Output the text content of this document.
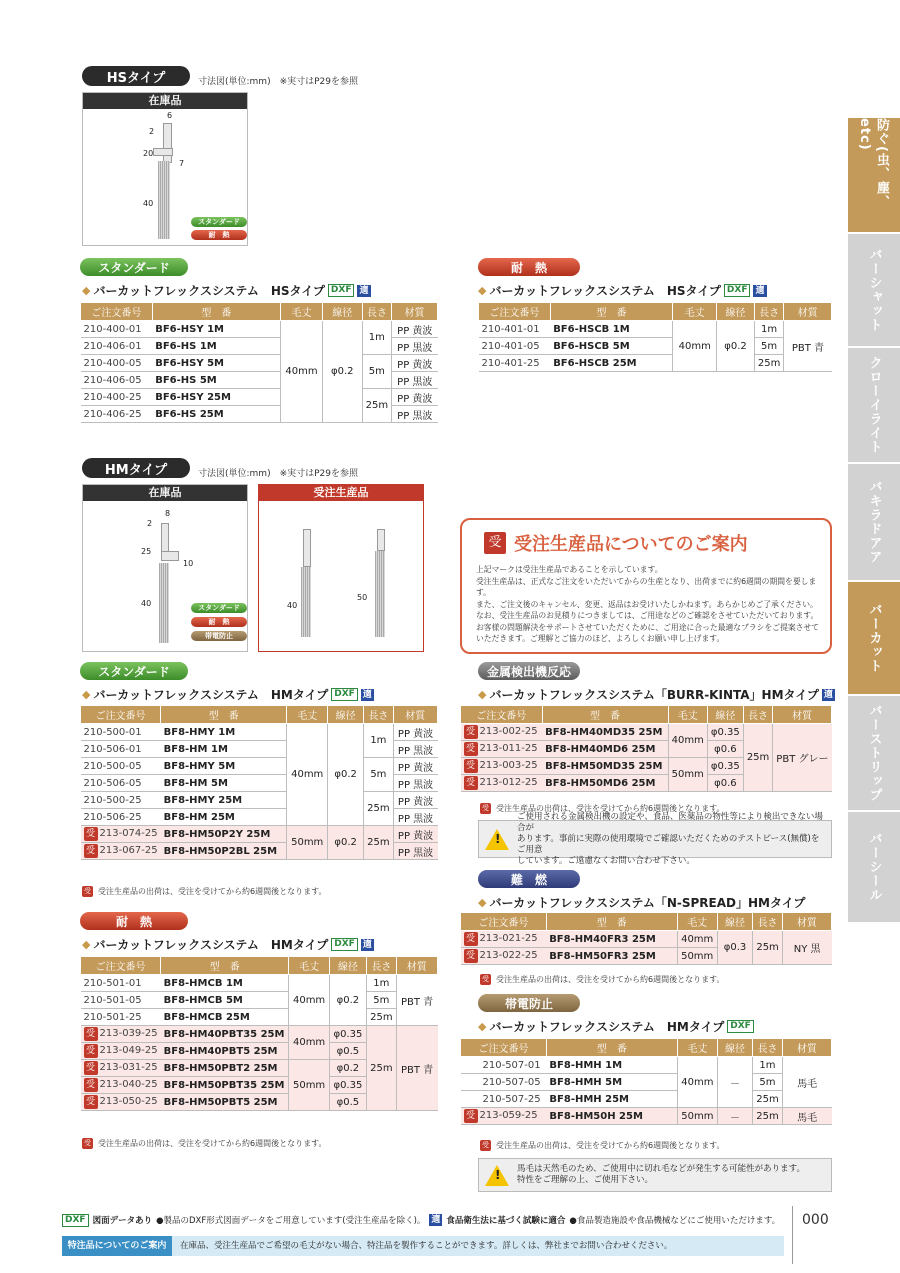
HSタイプ	寸法図(単位:mm)　※実寸はP29を参照
在庫品
6
2
20
7
40
スタンダード
耐　熱
スタンダード
◆ バーカットフレックスシステム　HSタイプ DXF 適
ご注文番号	型　番	毛丈	線径	長さ	材質
210-400-01	BF6-HSY 1M	40mm	φ0.2	1m	PP 黄波
210-406-01	BF6-HS 1M				PP 黒波
210-400-05	BF6-HSY 5M			5m	PP 黄波
210-406-05	BF6-HS 5M				PP 黒波
210-400-25	BF6-HSY 25M			25m	PP 黄波
210-406-25	BF6-HS 25M				PP 黒波
耐　熱
◆ バーカットフレックスシステム　HSタイプ DXF 適
ご注文番号	型　番	毛丈	線径	長さ	材質
210-401-01	BF6-HSCB 1M	40mm	φ0.2	1m	PBT 青
210-401-05	BF6-HSCB 5M			5m	
210-401-25	BF6-HSCB 25M			25m	
HMタイプ	寸法図(単位:mm)　※実寸はP29を参照
在庫品
8
2
25
10
40	スタンダード
耐　熱
帯電防止
受注生産品
40
50
受 受注生産品についてのご案内
上記マークは受注生産品であることを示しています。
受注生産品は、正式なご注文をいただいてからの生産となり、出荷までに約6週間の期間を要します。
また、ご注文後のキャンセル、変更、返品はお受けいたしかねます。あらかじめご了承ください。
なお、受注生産品のお見積りにつきましては、ご用途などのご確認をさせていただいております。
お客様の問題解決をサポートさせていただくために、ご用途に合った最適なブラシをご提案させて
いただきます。ご理解とご協力のほど、よろしくお願い申し上げます。
スタンダード
◆ バーカットフレックスシステム　HMタイプ DXF 適
ご注文番号	型　番	毛丈	線径	長さ	材質
210-500-01	BF8-HMY 1M	40mm	φ0.2	1m	PP 黄波
210-506-01	BF8-HM 1M				PP 黒波
210-500-05	BF8-HMY 5M			5m	PP 黄波
210-506-05	BF8-HM 5M				PP 黒波
210-500-25	BF8-HMY 25M			25m	PP 黄波
210-506-25	BF8-HM 25M				PP 黒波
受 213-074-25	BF8-HM50P2Y 25M	50mm	φ0.2	25m	PP 黄波
受 213-067-25	BF8-HM50P2BL 25M				PP 黒波
受 受注生産品の出荷は、受注を受けてから約6週間後となります。
耐　熱
◆ バーカットフレックスシステム　HMタイプ DXF 適
ご注文番号	型　番	毛丈	線径	長さ	材質
210-501-01	BF8-HMCB 1M	40mm	φ0.2	1m	PBT 青
210-501-05	BF8-HMCB 5M			5m	
210-501-25	BF8-HMCB 25M			25m	
受 213-039-25	BF8-HM40PBT35 25M	40mm	φ0.35	25m	PBT 青
受 213-049-25	BF8-HM40PBT5 25M		φ0.5		
受 213-031-25	BF8-HM50PBT2 25M	50mm	φ0.2		
受 213-040-25	BF8-HM50PBT35 25M		φ0.35		
受 213-050-25	BF8-HM50PBT5 25M		φ0.5		
受 受注生産品の出荷は、受注を受けてから約6週間後となります。
金属検出機反応
◆ バーカットフレックスシステム「BURR-KINTA」HMタイプ 適
ご注文番号	型　番	毛丈	線径	長さ	材質
受 213-002-25	BF8-HM40MD35 25M	40mm	φ0.35	25m	PBT グレー
受 213-011-25	BF8-HM40MD6 25M		φ0.6		
受 213-003-25	BF8-HM50MD35 25M	50mm	φ0.35		
受 213-012-25	BF8-HM50MD6 25M		φ0.6		
受 受注生産品の出荷は、受注を受けてから約6週間後となります。
!
ご使用される金属検出機の設定や、食品、医薬品の物性等により検出できない場合が
あります。事前に実際の使用環境でご確認いただくためのテストピース(無償)をご用意
しています。ご遠慮なくお問い合わせ下さい。
難　燃
◆ バーカットフレックスシステム「N-SPREAD」HMタイプ
ご注文番号	型　番	毛丈	線径	長さ	材質
受 213-021-25	BF8-HM40FR3 25M	40mm	φ0.3	25m	NY 黒
受 213-022-25	BF8-HM50FR3 25M	50mm			
受 受注生産品の出荷は、受注を受けてから約6週間後となります。
帯電防止
◆ バーカットフレックスシステム　HMタイプ DXF
ご注文番号	型　番	毛丈	線径	長さ	材質
210-507-01	BF8-HMH 1M	40mm	－	1m	馬毛
210-507-05	BF8-HMH 5M			5m	
210-507-25	BF8-HMH 25M			25m	
受 213-059-25	BF8-HM50H 25M	50mm	－	25m	馬毛
受 受注生産品の出荷は、受注を受けてから約6週間後となります。
! 馬毛は天然毛のため、ご使用中に切れ毛などが発生する可能性があります。
特性をご理解の上、ご使用下さい。
防ぐ(虫、塵、etc)
バーシャット
クローイライト
バキラドアア
バーカット
バーストリップ
バーシール
DXF 図面データあり ●製品のDXF形式図面データをご用意しています(受注生産品を除く)。 適 食品衛生法に基づく試験に適合 ●食品製造施設や食品機械などにご使用いただけます。
特注品についてのご案内	在庫品、受注生産品でご希望の毛丈がない場合、特注品を製作することができます。詳しくは、弊社までお問い合わせください。
000
